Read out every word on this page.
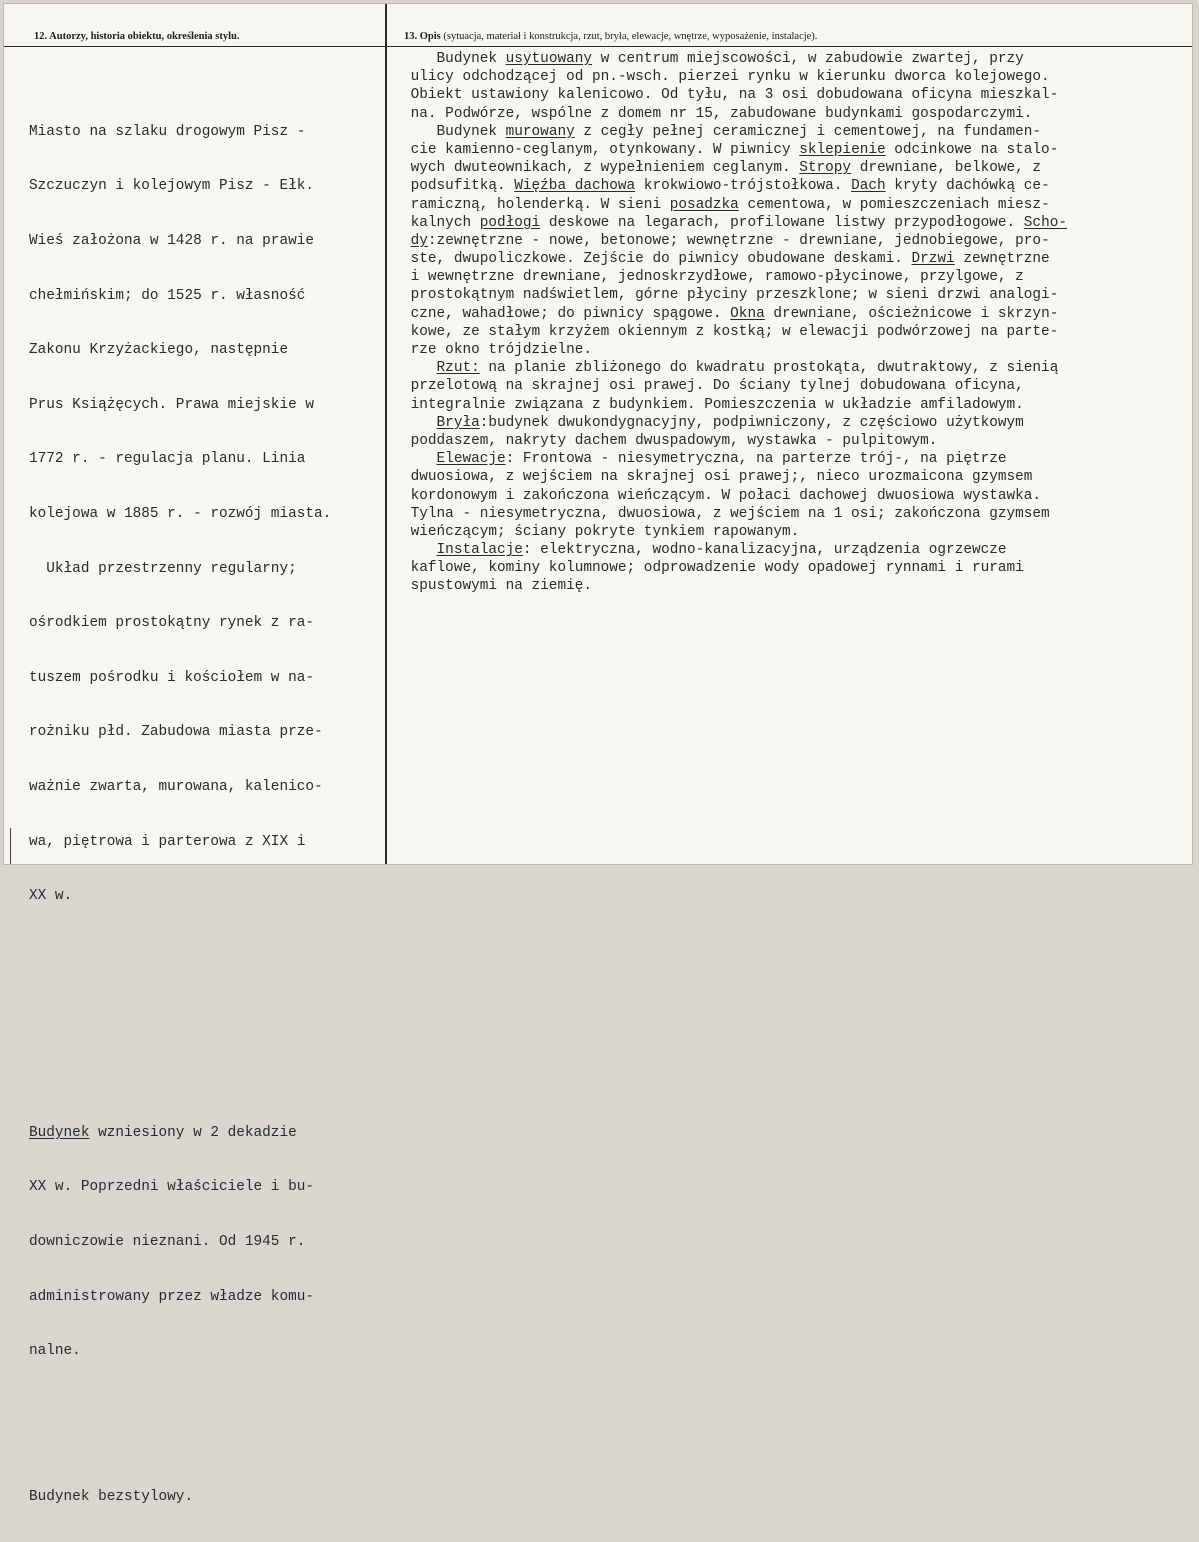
12. Autorzy, historia obiektu, określenia stylu.	13. Opis (sytuacja, materiał i konstrukcja, rzut, bryła, elewacje, wnętrze, wyposażenie, instalacje).

Miasto na szlaku drogowym Pisz -

Szczuczyn i kolejowym Pisz - Ełk.

Wieś założona w 1428 r. na prawie

chełmińskim; do 1525 r. własność

Zakonu Krzyżackiego, następnie

Prus Książęcych. Prawa miejskie w

1772 r. - regulacja planu. Linia

kolejowa w 1885 r. - rozwój miasta.

Układ przestrzenny regularny;

ośrodkiem prostokątny rynek z ra-

tuszem pośrodku i kościołem w na-

rożniku płd. Zabudowa miasta prze-

ważnie zwarta, murowana, kalenico-

wa, piętrowa i parterowa z XIX i

XX w.

Budynek wzniesiony w 2 dekadzie

XX w. Poprzedni właściciele i bu-

downiczowie nieznani. Od 1945 r.

administrowany przez władze komu-

nalne.

Budynek bezstylowy.

Budynek usytuowany w centrum miejscowości, w zabudowie zwartej, przy
ulicy odchodzącej od pn.-wsch. pierzei rynku w kierunku dworca kolejowego.
Obiekt ustawiony kalenicowo. Od tyłu, na 3 osi dobudowana oficyna mieszkal-
na. Podwórze, wspólne z domem nr 15, zabudowane budynkami gospodarczymi.
Budynek murowany z cegły pełnej ceramicznej i cementowej, na fundamen-
cie kamienno-ceglanym, otynkowany. W piwnicy sklepienie odcinkowe na stalo-
wych dwuteownikach, z wypełnieniem ceglanym. Stropy drewniane, belkowe, z
podsufitką. Więźba dachowa krokwiowo-trójstołkowa. Dach kryty dachówką ce-
ramiczną, holenderką. W sieni posadzka cementowa, w pomieszczeniach miesz-
kalnych podłogi deskowe na legarach, profilowane listwy przypodłogowe. Scho-
dy:zewnętrzne - nowe, betonowe; wewnętrzne - drewniane, jednobiegowe, pro-
ste, dwupoliczkowe. Zejście do piwnicy obudowane deskami. Drzwi zewnętrzne
i wewnętrzne drewniane, jednoskrzydłowe, ramowo-płycinowe, przylgowe, z
prostokątnym nadświetlem, górne płyciny przeszklone; w sieni drzwi analogi-
czne, wahadłowe; do piwnicy spągowe. Okna drewniane, ościeżnicowe i skrzyn-
kowe, ze stałym krzyżem okiennym z kostką; w elewacji podwórzowej na parte-
rze okno trójdzielne.
Rzut: na planie zbliżonego do kwadratu prostokąta, dwutraktowy, z sienią
przelotową na skrajnej osi prawej. Do ściany tylnej dobudowana oficyna,
integralnie związana z budynkiem. Pomieszczenia w układzie amfiladowym.
Bryła:budynek dwukondygnacyjny, podpiwniczony, z częściowo użytkowym
poddaszem, nakryty dachem dwuspadowym, wystawka - pulpitowym.
Elewacje: Frontowa - niesymetryczna, na parterze trój-, na piętrze
dwuosiowa, z wejściem na skrajnej osi prawej;, nieco urozmaicona gzymsem
kordonowym i zakończona wieńczącym. W połaci dachowej dwuosiowa wystawka.
Tylna - niesymetryczna, dwuosiowa, z wejściem na 1 osi; zakończona gzymsem
wieńczącym; ściany pokryte tynkiem rapowanym.
Instalacje: elektryczna, wodno-kanalizacyjna, urządzenia ogrzewcze
kaflowe, kominy kolumnowe; odprowadzenie wody opadowej rynnami i rurami
spustowymi na ziemię.
